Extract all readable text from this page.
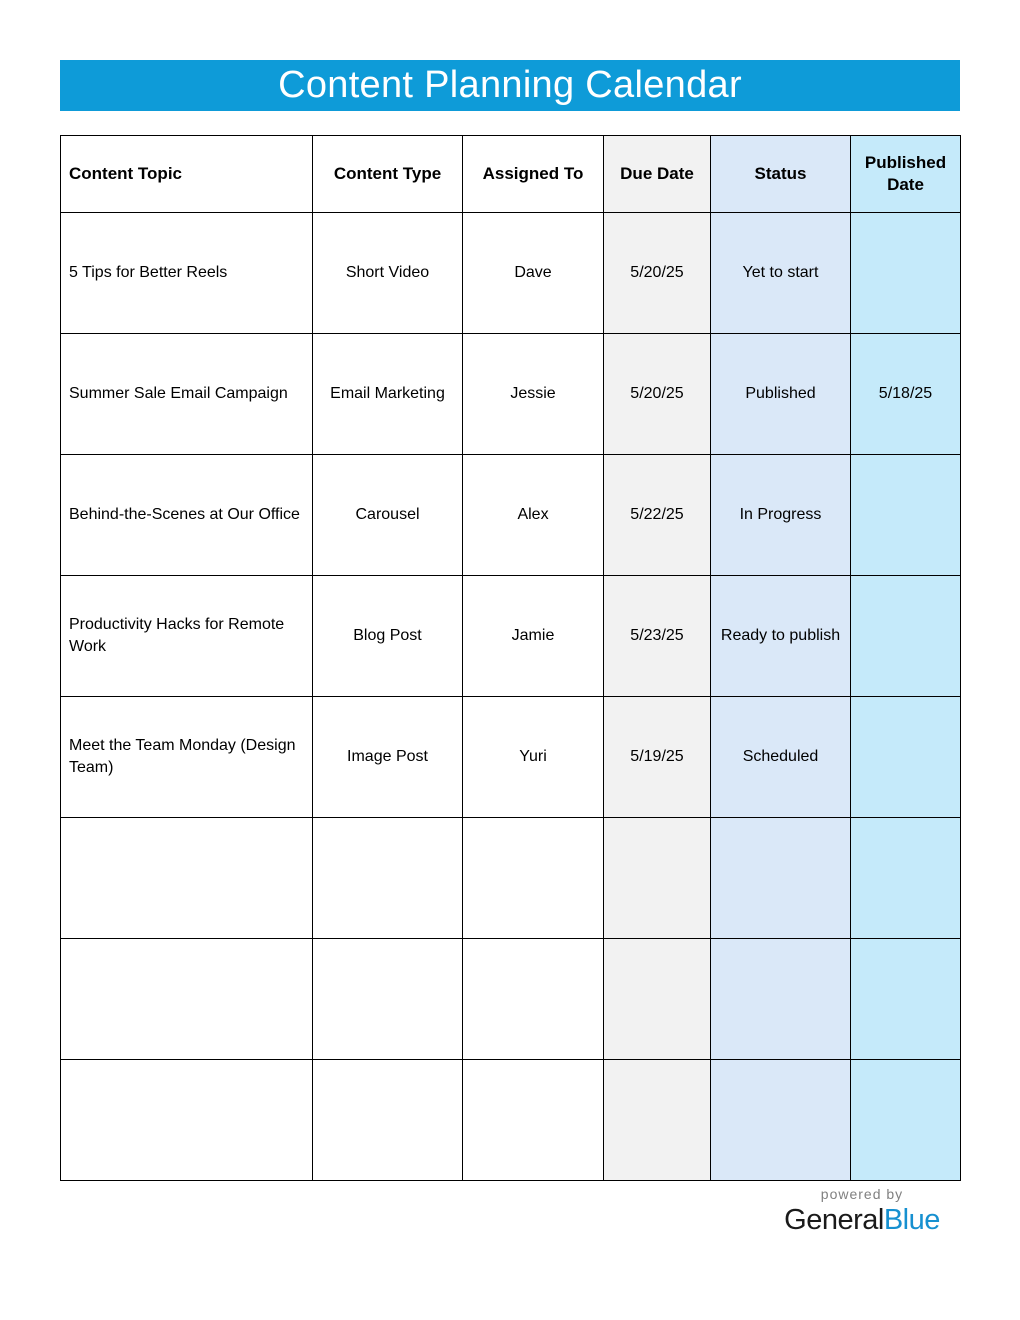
Content Planning Calendar
Content Topic	Content Type	Assigned To	Due Date	Status	Published Date
5 Tips for Better Reels	Short Video	Dave	5/20/25	Yet to start	
Summer Sale Email Campaign	Email Marketing	Jessie	5/20/25	Published	5/18/25
Behind-the-Scenes at Our Office	Carousel	Alex	5/22/25	In Progress	
Productivity Hacks for Remote Work	Blog Post	Jamie	5/23/25	Ready to publish	
Meet the Team Monday (Design Team)	Image Post	Yuri	5/19/25	Scheduled	

powered by
GeneralBlue
